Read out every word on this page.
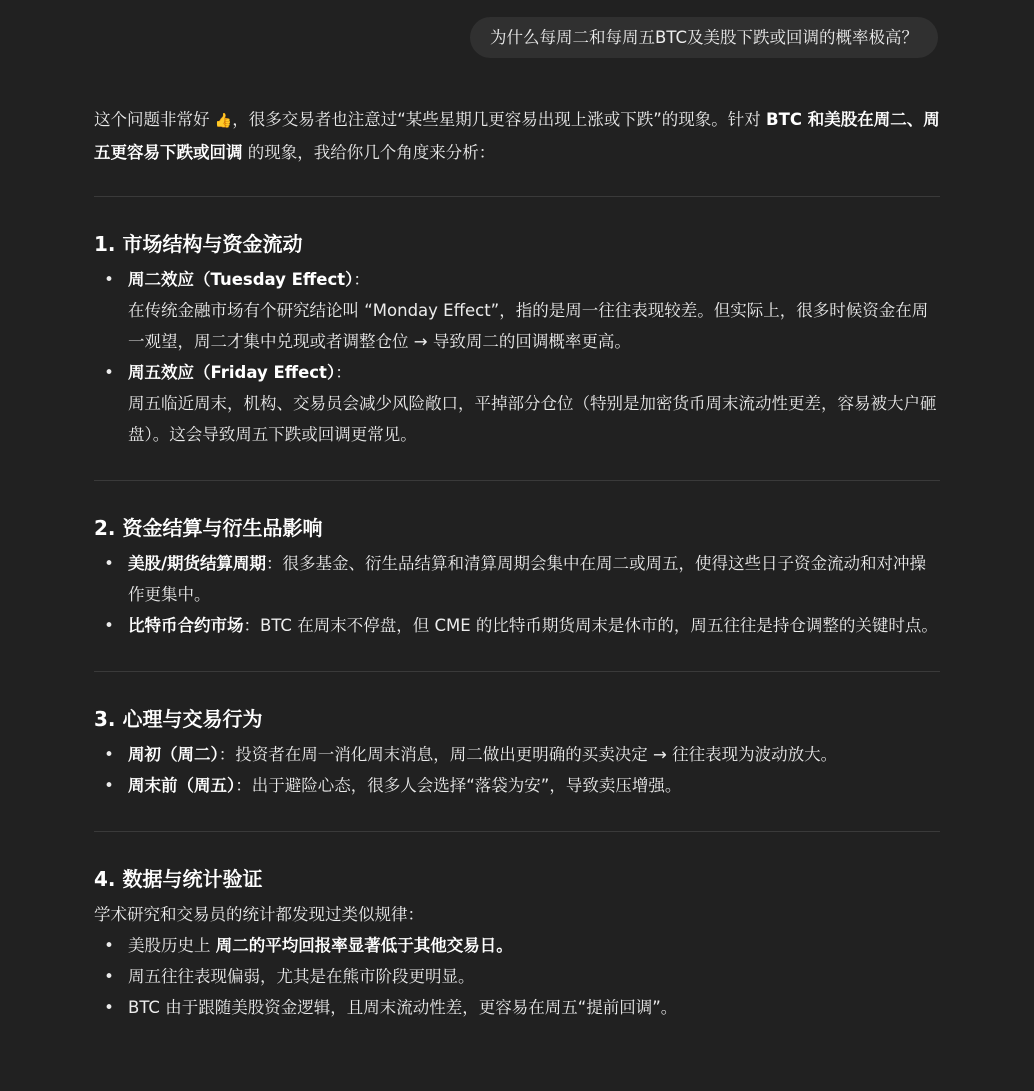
为什么每周二和每周五BTC及美股下跌或回调的概率极高？

这个问题非常好 👍，很多交易者也注意过“某些星期几更容易出现上涨或下跌”的现象。针对 BTC 和美股在周二、周五更容易下跌或回调 的现象，我给你几个角度来分析：

1. 市场结构与资金流动
• 周二效应（Tuesday Effect）：
在传统金融市场有个研究结论叫 “Monday Effect”，指的是周一往往表现较差。但实际上，很多时候资金在周一观望，周二才集中兑现或者调整仓位 → 导致周二的回调概率更高。
• 周五效应（Friday Effect）：
周五临近周末，机构、交易员会减少风险敞口，平掉部分仓位（特别是加密货币周末流动性更差，容易被大户砸盘）。这会导致周五下跌或回调更常见。
2. 资金结算与衍生品影响
• 美股/期货结算周期：很多基金、衍生品结算和清算周期会集中在周二或周五，使得这些日子资金流动和对冲操作更集中。
• 比特币合约市场：BTC 在周末不停盘，但 CME 的比特币期货周末是休市的，周五往往是持仓调整的关键时点。
3. 心理与交易行为
• 周初（周二）：投资者在周一消化周末消息，周二做出更明确的买卖决定 → 往往表现为波动放大。
• 周末前（周五）：出于避险心态，很多人会选择“落袋为安”，导致卖压增强。
4. 数据与统计验证

学术研究和交易员的统计都发现过类似规律：

• 美股历史上 周二的平均回报率显著低于其他交易日。
• 周五往往表现偏弱，尤其是在熊市阶段更明显。
• BTC 由于跟随美股资金逻辑，且周末流动性差，更容易在周五“提前回调”。
